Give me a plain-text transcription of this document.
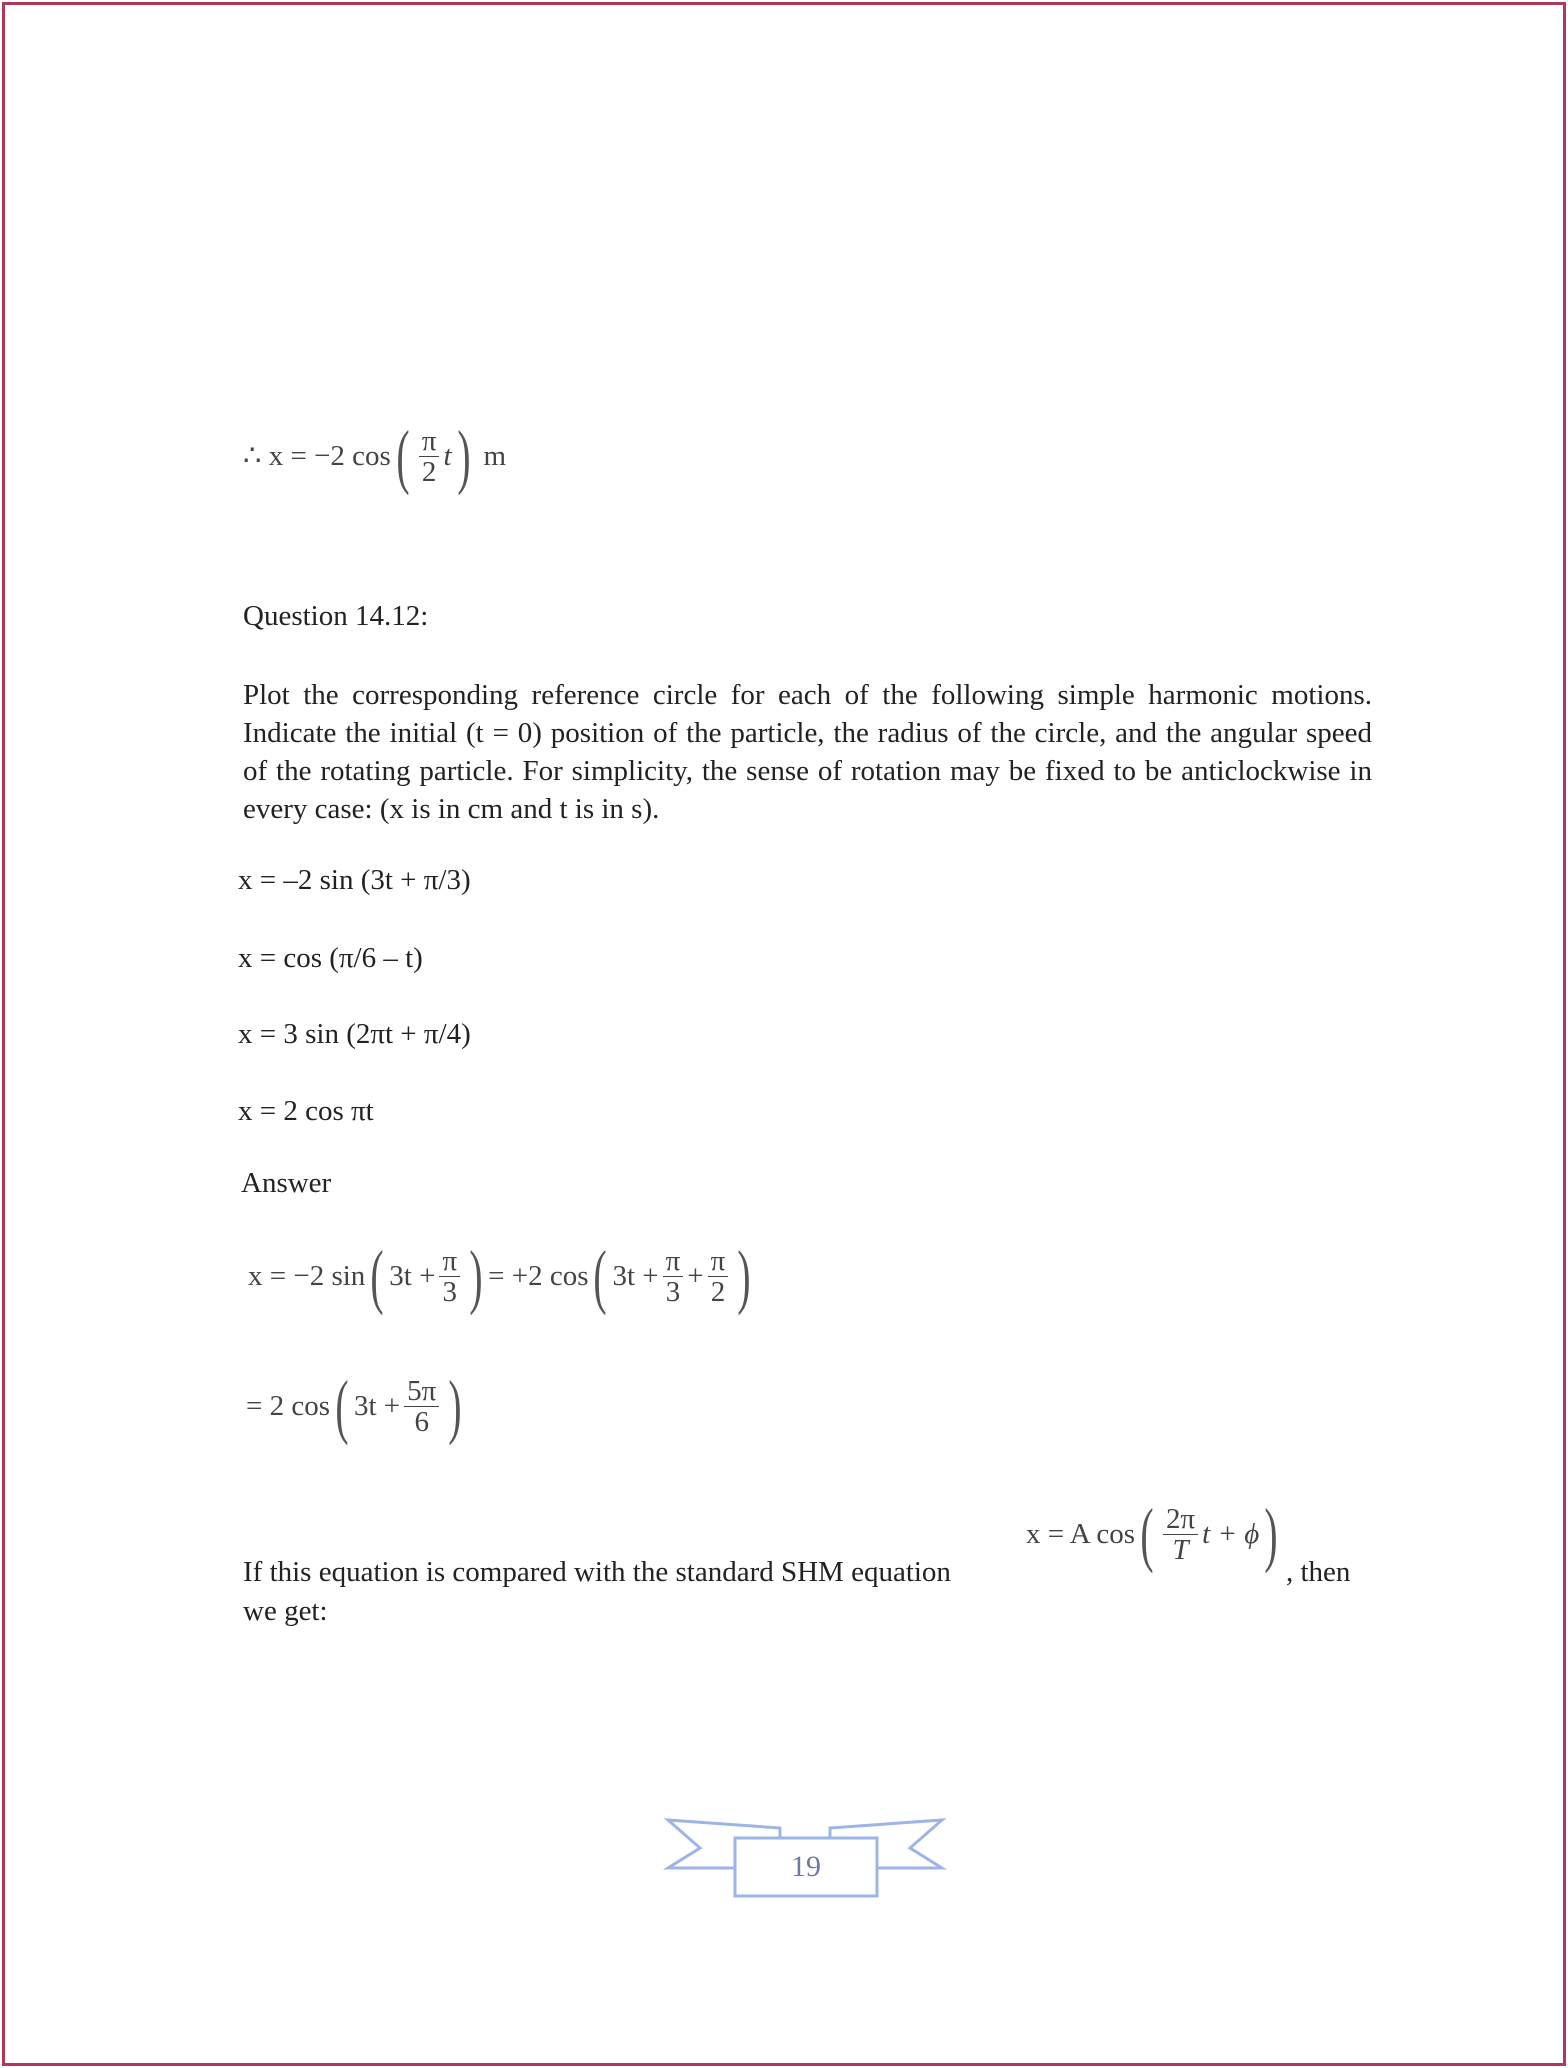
∴ x = −2 cos ( $\frac{\pi}{2}$ t ) m
Question 14.12:
Plot the corresponding reference circle for each of the following simple harmonic motions. Indicate the initial (t = 0) position of the particle, the radius of the circle, and the angular speed of the rotating particle. For simplicity, the sense of rotation may be fixed to be anticlockwise in every case: (x is in cm and t is in s).
x = –2 sin (3t + π/3)
x = cos (π/6 – t)
x = 3 sin (2πt + π/4)
x = 2 cos πt
Answer
x = −2 sin ( $3t + \frac{\pi}{3}$ ) = +2 cos ( $3t + \frac{\pi}{3} + \frac{\pi}{2}$ )
= 2 cos ( $3t + \frac{5\pi}{6}$ )
x = A cos ( $\frac{2\pi}{T}$ t + ϕ )
If this equation is compared with the standard SHM equation	, then
we get:
19
